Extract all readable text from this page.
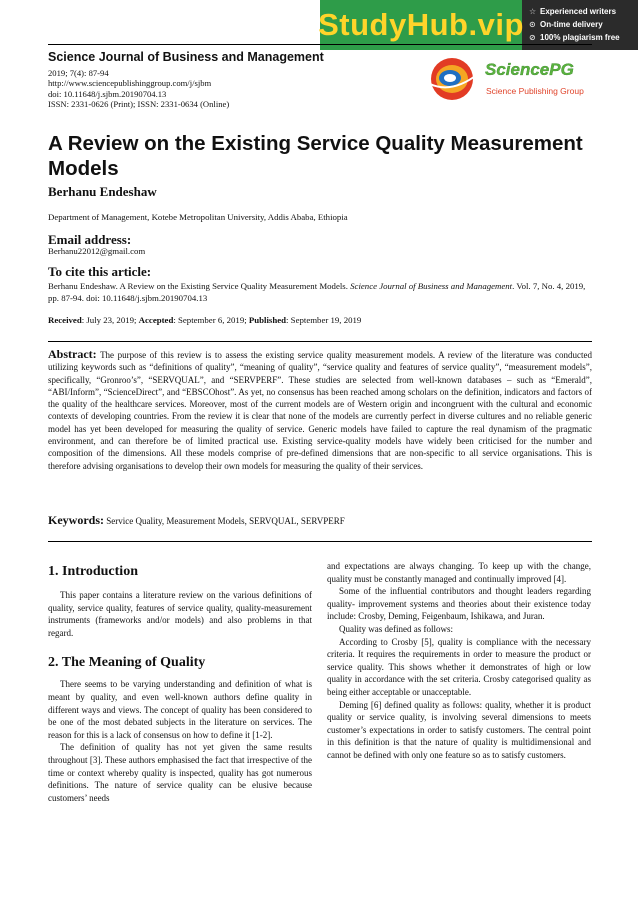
StudyHub.vip ☆ Experienced writers
⊙ On-time delivery
⊘ 100% plagiarism free
Science Journal of Business and Management
2019; 7(4): 87-94
http://www.sciencepublishinggroup.com/j/sjbm
doi: 10.11648/j.sjbm.20190704.13
ISSN: 2331-0626 (Print); ISSN: 2331-0634 (Online)
SciencePG
Science Publishing Group
A Review on the Existing Service Quality Measurement Models
Berhanu Endeshaw
Department of Management, Kotebe Metropolitan University, Addis Ababa, Ethiopia
Email address:
Berhanu22012@gmail.com
To cite this article:
Berhanu Endeshaw. A Review on the Existing Service Quality Measurement Models. Science Journal of Business and Management. Vol. 7, No. 4, 2019, pp. 87-94. doi: 10.11648/j.sjbm.20190704.13
Received: July 23, 2019; Accepted: September 6, 2019; Published: September 19, 2019
Abstract: The purpose of this review is to assess the existing service quality measurement models. A review of the literature was conducted utilizing keywords such as “definitions of quality”, “meaning of quality”, “service quality and features of service quality”, “measurement models”, specifically, “Gronroo’s”, “SERVQUAL”, and “SERVPERF”. These studies are selected from well-known databases – such as “Emerald”, “ABI/Inform”, “ScienceDirect”, and “EBSCOhost”. As yet, no consensus has been reached among scholars on the definition, indicators and factors of the quality of the healthcare services. Moreover, most of the current models are of Western origin and incongruent with the cultural and economic contexts of developing countries. From the review it is clear that none of the models are currently perfect in diverse cultures and no reliable generic model has yet been developed for measuring the quality of service. Generic models have failed to capture the real dynamism of the pragmatic environment, and can therefore be of limited practical use. Existing service-quality models have widely been criticised for the number and composition of the dimensions. All these models comprise of pre-defined dimensions that are non-specific to all service organisations. This is therefore advising organisations to develop their own models for measuring the quality of their services.
Keywords: Service Quality, Measurement Models, SERVQUAL, SERVPERF
1. Introduction

This paper contains a literature review on the various definitions of quality, service quality, features of service quality, quality-measurement instruments (frameworks and/or models) and also problems in that regard.

2. The Meaning of Quality

There seems to be varying understanding and definition of what is meant by quality, and even well-known authors define quality in different ways and views. The concept of quality has been considered to be one of the most debated subjects in the literature on services. The reason for this is a lack of consensus on how to define it [1-2].

The definition of quality has not yet given the same results throughout [3]. These authors emphasised the fact that irrespective of the time or context whereby quality is inspected, quality has got numerous definitions. The nature of service quality can be elusive because customers’ needs

and expectations are always changing. To keep up with the change, quality must be constantly managed and continually improved [4].

Some of the influential contributors and thought leaders regarding quality- improvement systems and theories about their existence today include: Crosby, Deming, Feigenbaum, Ishikawa, and Juran.

Quality was defined as follows:

According to Crosby [5], quality is compliance with the necessary criteria. It requires the requirements in order to measure the product or service quality. This shows whether it demonstrates of high or low quality in accordance with the set criteria. Crosby categorised quality as being either acceptable or unacceptable.

Deming [6] defined quality as follows: quality, whether it is product quality or service quality, is involving several dimensions to meets customer’s expectations in order to satisfy customers. The central point in this definition is that the nature of quality is multidimensional and cannot be defined with only one feature so as to satisfy customers.
